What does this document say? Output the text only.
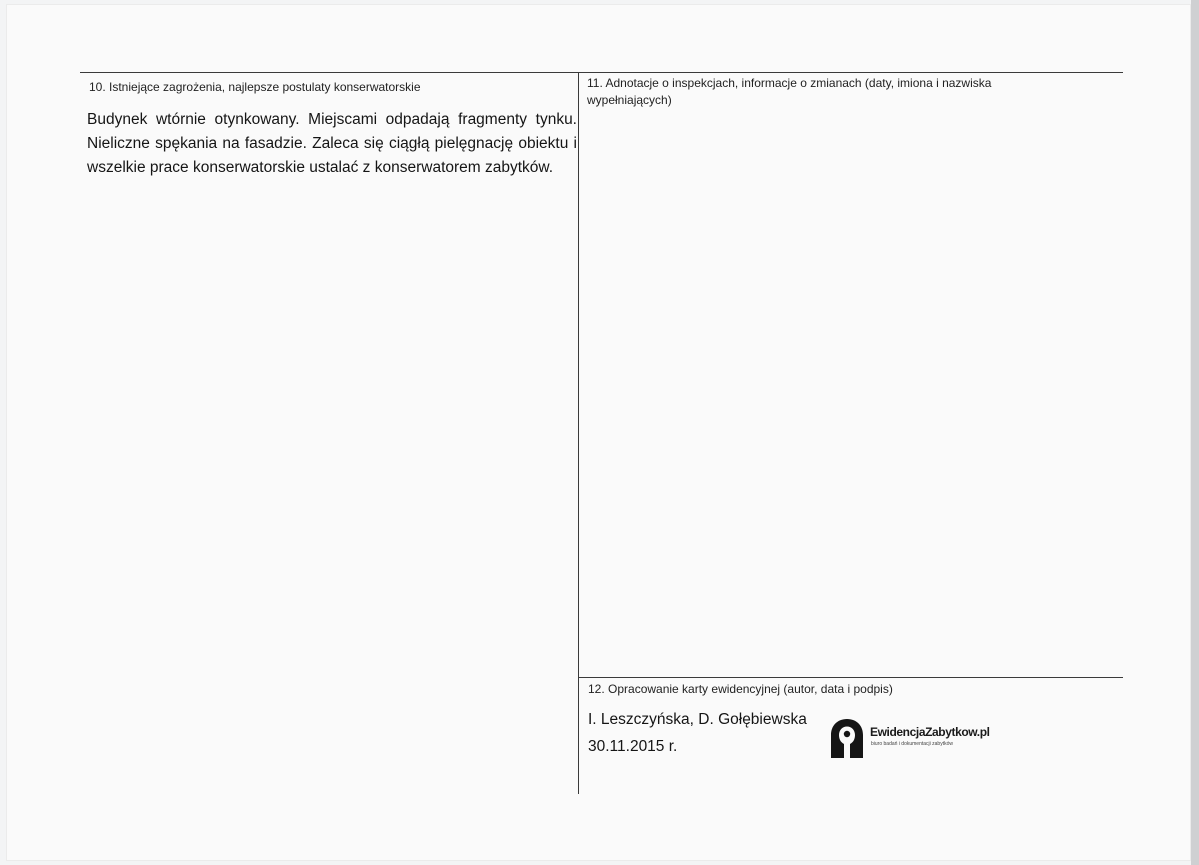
10. Istniejące zagrożenia, najlepsze postulaty konserwatorskie

Budynek wtórnie otynkowany. Miejscami odpadają fragmenty tynku. Nieliczne spękania na fasadzie. Zaleca się ciągłą pielęgnację obiektu i wszelkie prace konserwatorskie ustalać z konserwatorem zabytków.

11. Adnotacje o inspekcjach, informacje o zmianach (daty, imiona i nazwiska wypełniających)
12. Opracowanie karty ewidencyjnej (autor, data i podpis)
I. Leszczyńska, D. Gołębiewska
30.11.2015 r.
EwidencjaZabytkow.pl
biuro badań i dokumentacji zabytków
